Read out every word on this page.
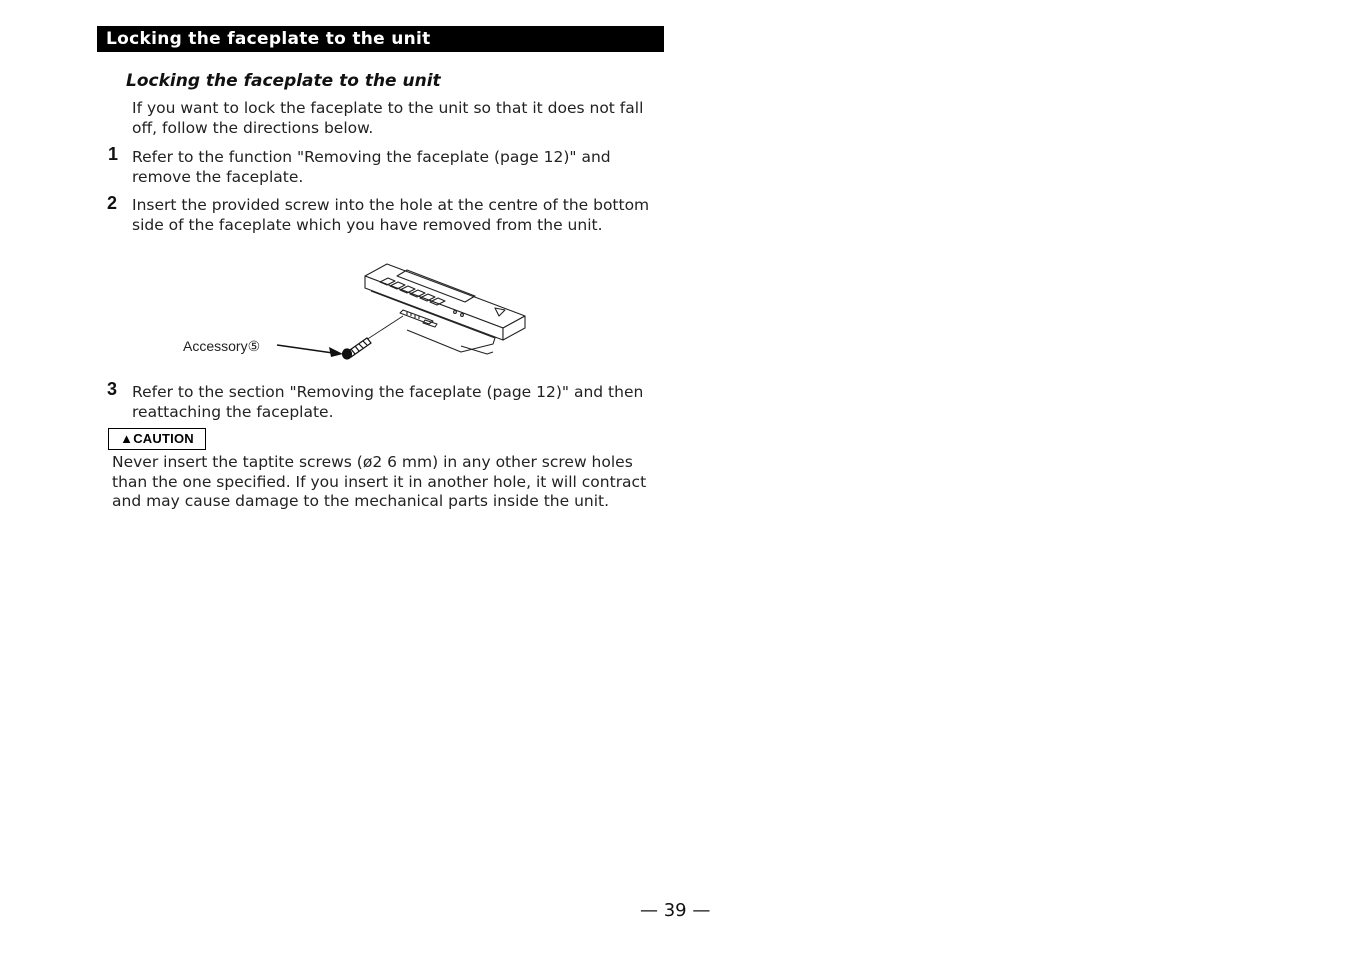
Locking the faceplate to the unit
Locking the faceplate to the unit

If you want to lock the faceplate to the unit so that it does not fall off, follow the directions below.

1 Refer to the function "Removing the faceplate (page 12)" and remove the faceplate.

2 Insert the provided screw into the hole at the centre of the bottom side of the faceplate which you have removed from the unit.

Accessory⑤
3 Refer to the section "Removing the faceplate (page 12)" and then reattaching the faceplate.

▲CAUTION

Never insert the taptite screws (ø2 6 mm) in any other screw holes than the one specified. If you insert it in another hole, it will contract and may cause damage to the mechanical parts inside the unit.

— 39 —
